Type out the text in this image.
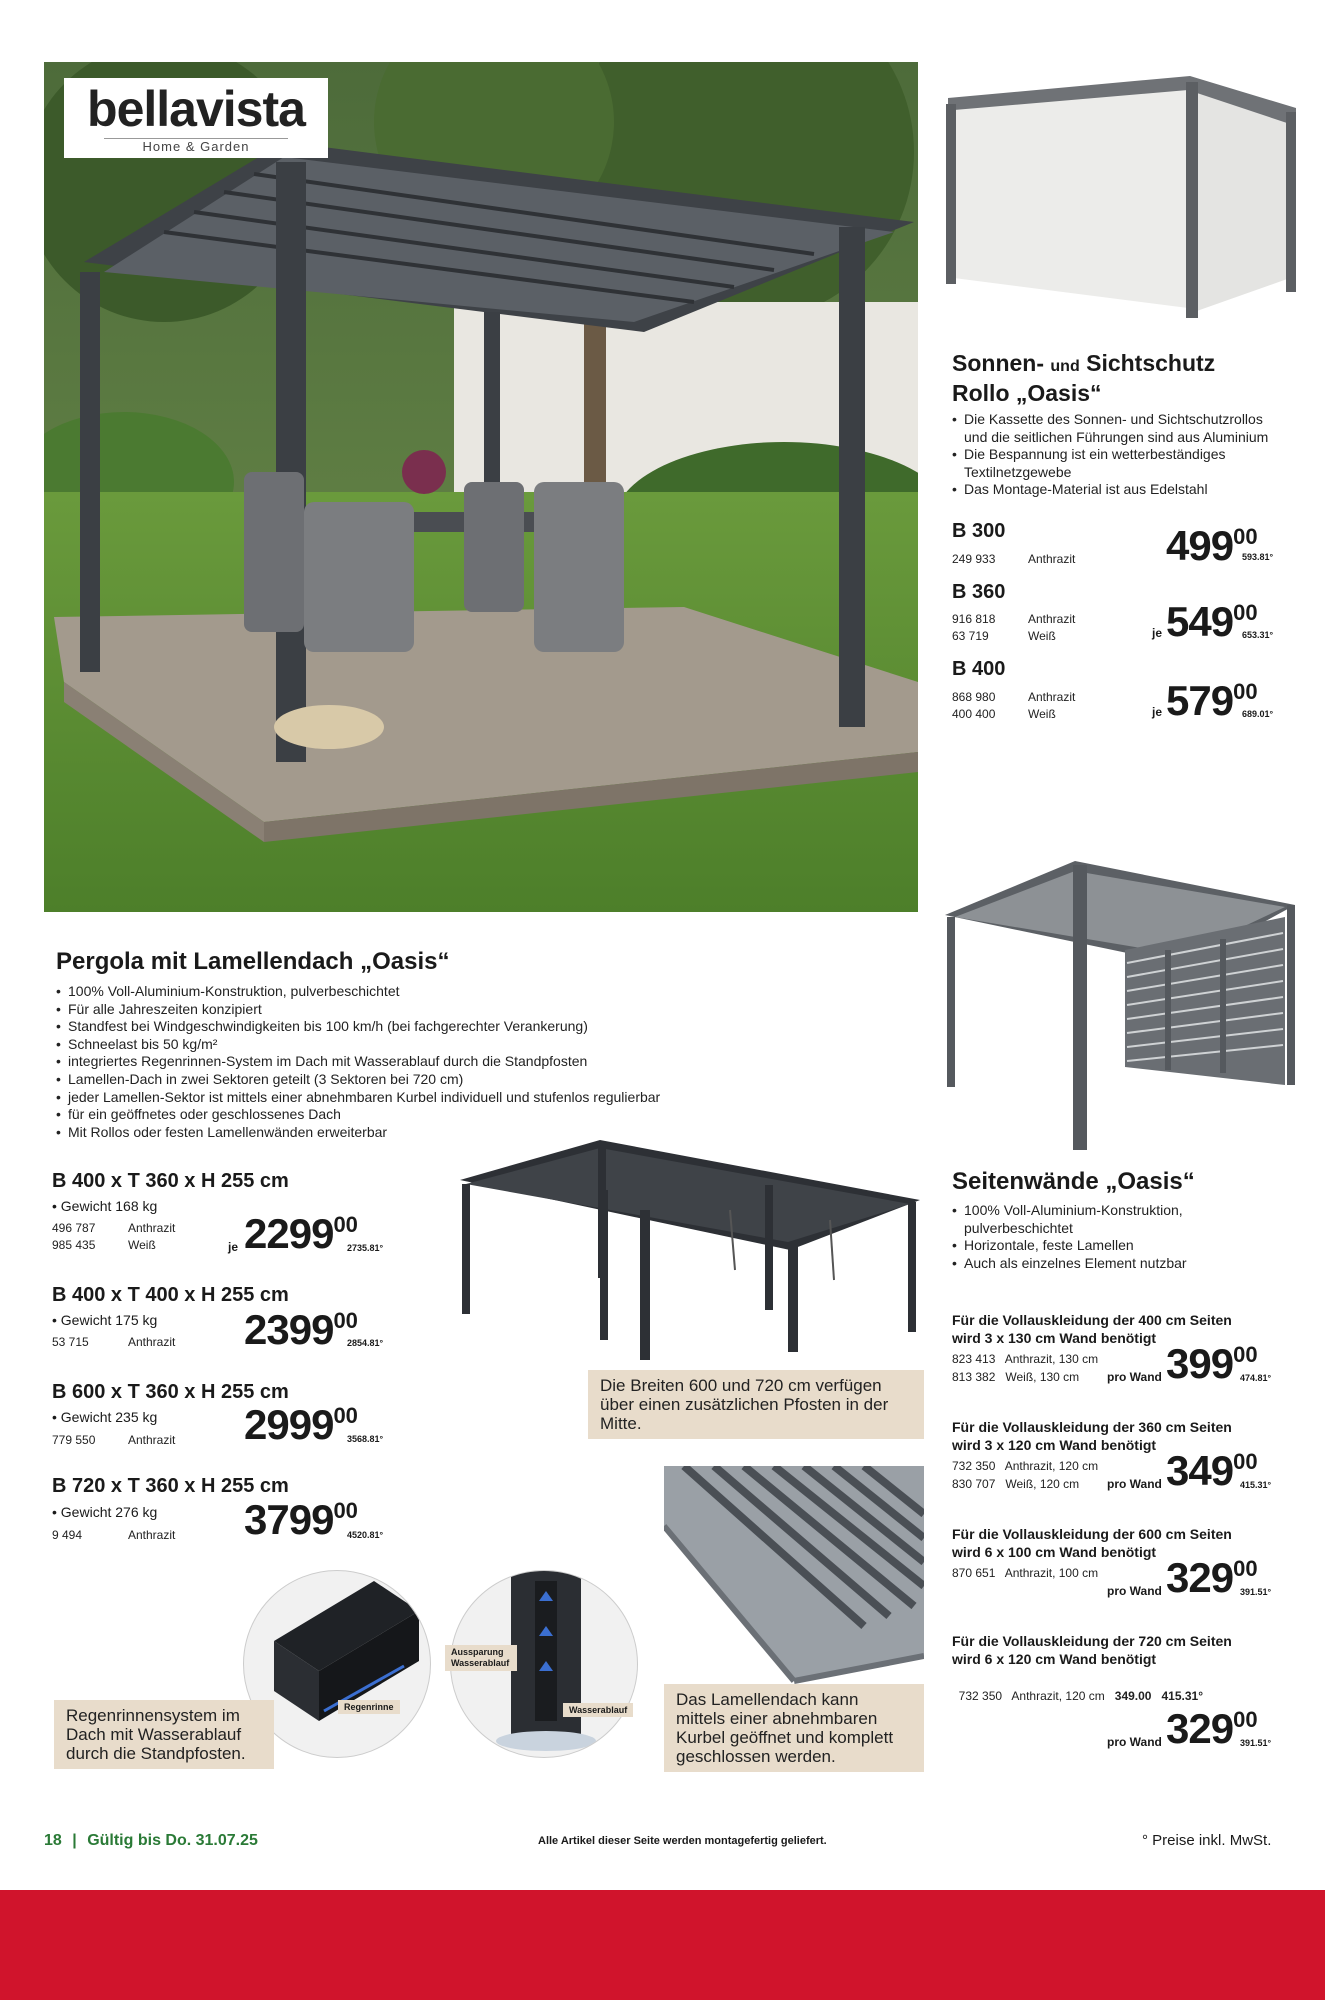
bellavista
Home & Garden
Sonnen- und Sichtschutz
Rollo „Oasis“
• Die Kassette des Sonnen- und Sichtschutzrollos
und die seitlichen Führungen sind aus Aluminium
• Die Bespannung ist ein wetterbeständiges
Textilnetzgewebe
• Das Montage-Material ist aus Edelstahl
B 300
249 933	Anthrazit 49900
593.81°
B 360
916 818	Anthrazit
63 719	Weiß	je 54900
653.31°
B 400
868 980	Anthrazit
400 400	Weiß	je 57900
689.01°
Pergola mit Lamellendach „Oasis“
• 100% Voll-Aluminium-Konstruktion, pulverbeschichtet
• Für alle Jahreszeiten konzipiert
• Standfest bei Windgeschwindigkeiten bis 100 km/h (bei fachgerechter Verankerung)
• Schneelast bis 50 kg/m²
• integriertes Regenrinnen-System im Dach mit Wasserablauf durch die Standpfosten
• Lamellen-Dach in zwei Sektoren geteilt (3 Sektoren bei 720 cm)
• jeder Lamellen-Sektor ist mittels einer abnehmbaren Kurbel individuell und stufenlos regulierbar
• für ein geöffnetes oder geschlossenes Dach
• Mit Rollos oder festen Lamellenwänden erweiterbar
B 400 x T 360 x H 255 cm
• Gewicht 168 kg
496 787	Anthrazit
985 435	Weiß	je 229900
2735.81°
B 400 x T 400 x H 255 cm
• Gewicht 175 kg
53 715	Anthrazit 239900
2854.81°
B 600 x T 360 x H 255 cm
• Gewicht 235 kg
779 550	Anthrazit 299900
3568.81°
B 720 x T 360 x H 255 cm
• Gewicht 276 kg
9 494	Anthrazit 379900
4520.81°
Die Breiten 600 und 720 cm verfügen über einen zusätzlichen Pfosten in der Mitte.
Regenrinne
Aussparung Wasserablauf
Wasserablauf
Regenrinnensystem im Dach mit Wasserablauf durch die Standpfosten.
Das Lamellendach kann mittels einer abnehmbaren Kurbel geöffnet und komplett geschlossen werden.
Seitenwände „Oasis“
• 100% Voll-Aluminium-Konstruktion,
pulverbeschichtet
• Horizontale, feste Lamellen
• Auch als einzelnes Element nutzbar
Für die Vollauskleidung der 400 cm Seiten
wird 3 x 130 cm Wand benötigt
823 413   Anthrazit, 130 cm
813 382   Weiß, 130 cm pro Wand 39900
474.81°
Für die Vollauskleidung der 360 cm Seiten
wird 3 x 120 cm Wand benötigt
732 350   Anthrazit, 120 cm
830 707   Weiß, 120 cm pro Wand 34900
415.31°
Für die Vollauskleidung der 600 cm Seiten
wird 6 x 100 cm Wand benötigt
870 651   Anthrazit, 100 cm
pro Wand 32900
391.51°
Für die Vollauskleidung der 720 cm Seiten
wird 6 x 120 cm Wand benötigt

732 350   Anthrazit, 120 cm 349.00   415.31°

pro Wand 32900
391.51°
18 | Gültig bis Do. 31.07.25	Alle Artikel dieser Seite werden montagefertig geliefert.	° Preise inkl. MwSt.
